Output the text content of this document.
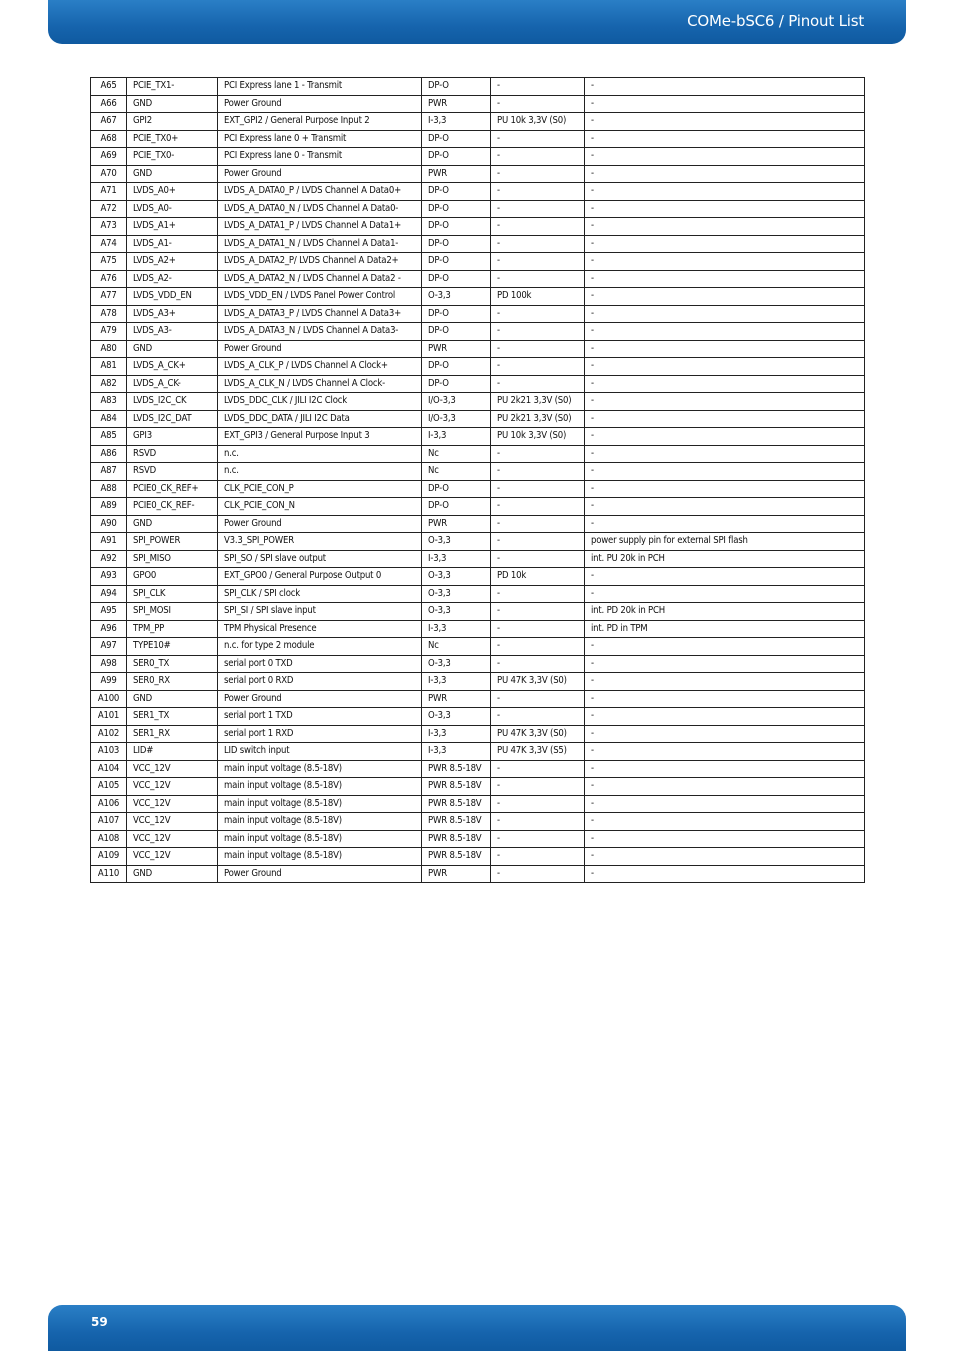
COMe-bSC6 / Pinout List
A65	PCIE_TX1-	PCI Express lane 1 - Transmit	DP-O	-	-
A66	GND	Power Ground	PWR	-	-
A67	GPI2	EXT_GPI2 / General Purpose Input 2	I-3,3	PU 10k 3,3V (S0)	-
A68	PCIE_TX0+	PCI Express lane 0 + Transmit	DP-O	-	-
A69	PCIE_TX0-	PCI Express lane 0 - Transmit	DP-O	-	-
A70	GND	Power Ground	PWR	-	-
A71	LVDS_A0+	LVDS_A_DATA0_P / LVDS Channel A Data0+	DP-O	-	-
A72	LVDS_A0-	LVDS_A_DATA0_N / LVDS Channel A Data0-	DP-O	-	-
A73	LVDS_A1+	LVDS_A_DATA1_P / LVDS Channel A Data1+	DP-O	-	-
A74	LVDS_A1-	LVDS_A_DATA1_N / LVDS Channel A Data1-	DP-O	-	-
A75	LVDS_A2+	LVDS_A_DATA2_P/ LVDS Channel A Data2+	DP-O	-	-
A76	LVDS_A2-	LVDS_A_DATA2_N / LVDS Channel A Data2 -	DP-O	-	-
A77	LVDS_VDD_EN	LVDS_VDD_EN / LVDS Panel Power Control	O-3,3	PD 100k	-
A78	LVDS_A3+	LVDS_A_DATA3_P / LVDS Channel A Data3+	DP-O	-	-
A79	LVDS_A3-	LVDS_A_DATA3_N / LVDS Channel A Data3-	DP-O	-	-
A80	GND	Power Ground	PWR	-	-
A81	LVDS_A_CK+	LVDS_A_CLK_P / LVDS Channel A Clock+	DP-O	-	-
A82	LVDS_A_CK-	LVDS_A_CLK_N / LVDS Channel A Clock-	DP-O	-	-
A83	LVDS_I2C_CK	LVDS_DDC_CLK / JILI I2C Clock	I/O-3,3	PU 2k21 3,3V (S0)	-
A84	LVDS_I2C_DAT	LVDS_DDC_DATA / JILI I2C Data	I/O-3,3	PU 2k21 3,3V (S0)	-
A85	GPI3	EXT_GPI3 / General Purpose Input 3	I-3,3	PU 10k 3,3V (S0)	-
A86	RSVD	n.c.	Nc	-	-
A87	RSVD	n.c.	Nc	-	-
A88	PCIE0_CK_REF+	CLK_PCIE_CON_P	DP-O	-	-
A89	PCIE0_CK_REF-	CLK_PCIE_CON_N	DP-O	-	-
A90	GND	Power Ground	PWR	-	-
A91	SPI_POWER	V3.3_SPI_POWER	O-3,3	-	power supply pin for external SPI flash
A92	SPI_MISO	SPI_SO / SPI slave output	I-3,3	-	int. PU 20k in PCH
A93	GPO0	EXT_GPO0 / General Purpose Output 0	O-3,3	PD 10k	-
A94	SPI_CLK	SPI_CLK / SPI clock	O-3,3	-	-
A95	SPI_MOSI	SPI_SI / SPI slave input	O-3,3	-	int. PD 20k in PCH
A96	TPM_PP	TPM Physical Presence	I-3,3	-	int. PD in TPM
A97	TYPE10#	n.c. for type 2 module	Nc	-	-
A98	SER0_TX	serial port 0 TXD	O-3,3	-	-
A99	SER0_RX	serial port 0 RXD	I-3,3	PU 47K 3,3V (S0)	-
A100	GND	Power Ground	PWR	-	-
A101	SER1_TX	serial port 1 TXD	O-3,3	-	-
A102	SER1_RX	serial port 1 RXD	I-3,3	PU 47K 3,3V (S0)	-
A103	LID#	LID switch input	I-3,3	PU 47K 3,3V (S5)	-
A104	VCC_12V	main input voltage (8.5-18V)	PWR 8.5-18V	-	-
A105	VCC_12V	main input voltage (8.5-18V)	PWR 8.5-18V	-	-
A106	VCC_12V	main input voltage (8.5-18V)	PWR 8.5-18V	-	-
A107	VCC_12V	main input voltage (8.5-18V)	PWR 8.5-18V	-	-
A108	VCC_12V	main input voltage (8.5-18V)	PWR 8.5-18V	-	-
A109	VCC_12V	main input voltage (8.5-18V)	PWR 8.5-18V	-	-
A110	GND	Power Ground	PWR	-	-
59
